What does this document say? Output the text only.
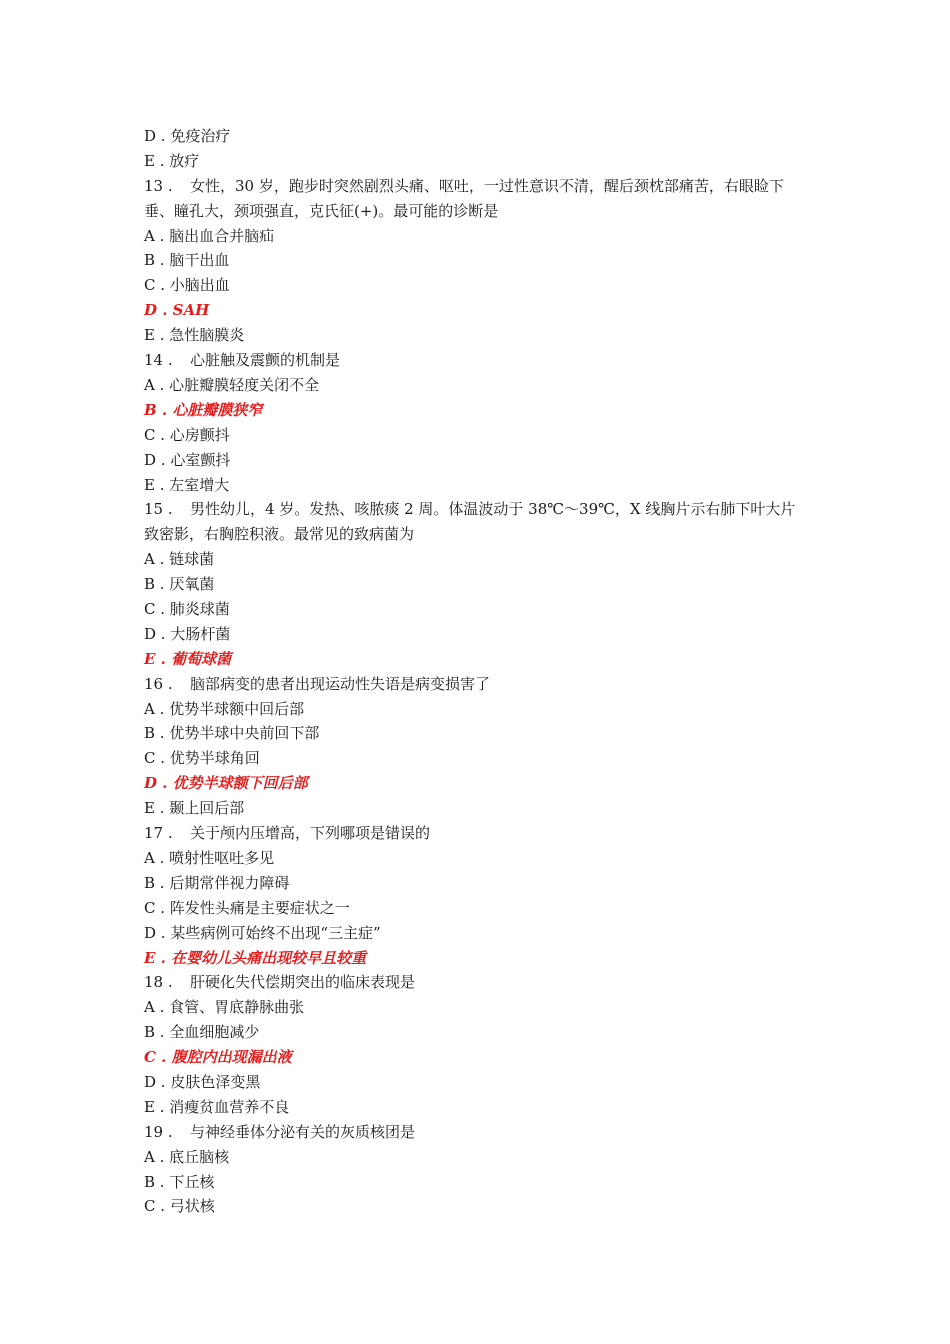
D . 免疫治疗
E . 放疗
13 . 女性，30 岁，跑步时突然剧烈头痛、呕吐，一过性意识不清，醒后颈枕部痛苦，右眼睑下垂、瞳孔大，颈项强直，克氏征(+)。最可能的诊断是
A . 脑出血合并脑疝
B . 脑干出血
C . 小脑出血
D . SAH
E . 急性脑膜炎
14 . 心脏触及震颤的机制是
A . 心脏瓣膜轻度关闭不全
B . 心脏瓣膜狭窄
C . 心房颤抖
D . 心室颤抖
E . 左室增大
15 . 男性幼儿，4 岁。发热、咳脓痰 2 周。体温波动于 38℃～39℃，X 线胸片示右肺下叶大片致密影，右胸腔积液。最常见的致病菌为
A . 链球菌
B . 厌氧菌
C . 肺炎球菌
D . 大肠杆菌
E . 葡萄球菌
16 . 脑部病变的患者出现运动性失语是病变损害了
A . 优势半球额中回后部
B . 优势半球中央前回下部
C . 优势半球角回
D . 优势半球额下回后部
E . 颞上回后部
17 . 关于颅内压增高，下列哪项是错误的
A . 喷射性呕吐多见
B . 后期常伴视力障碍
C . 阵发性头痛是主要症状之一
D . 某些病例可始终不出现“三主症”
E . 在婴幼儿头痛出现较早且较重
18 . 肝硬化失代偿期突出的临床表现是
A . 食管、胃底静脉曲张
B . 全血细胞减少
C . 腹腔内出现漏出液
D . 皮肤色泽变黑
E . 消瘦贫血营养不良
19 . 与神经垂体分泌有关的灰质核团是
A . 底丘脑核
B . 下丘核
C . 弓状核
